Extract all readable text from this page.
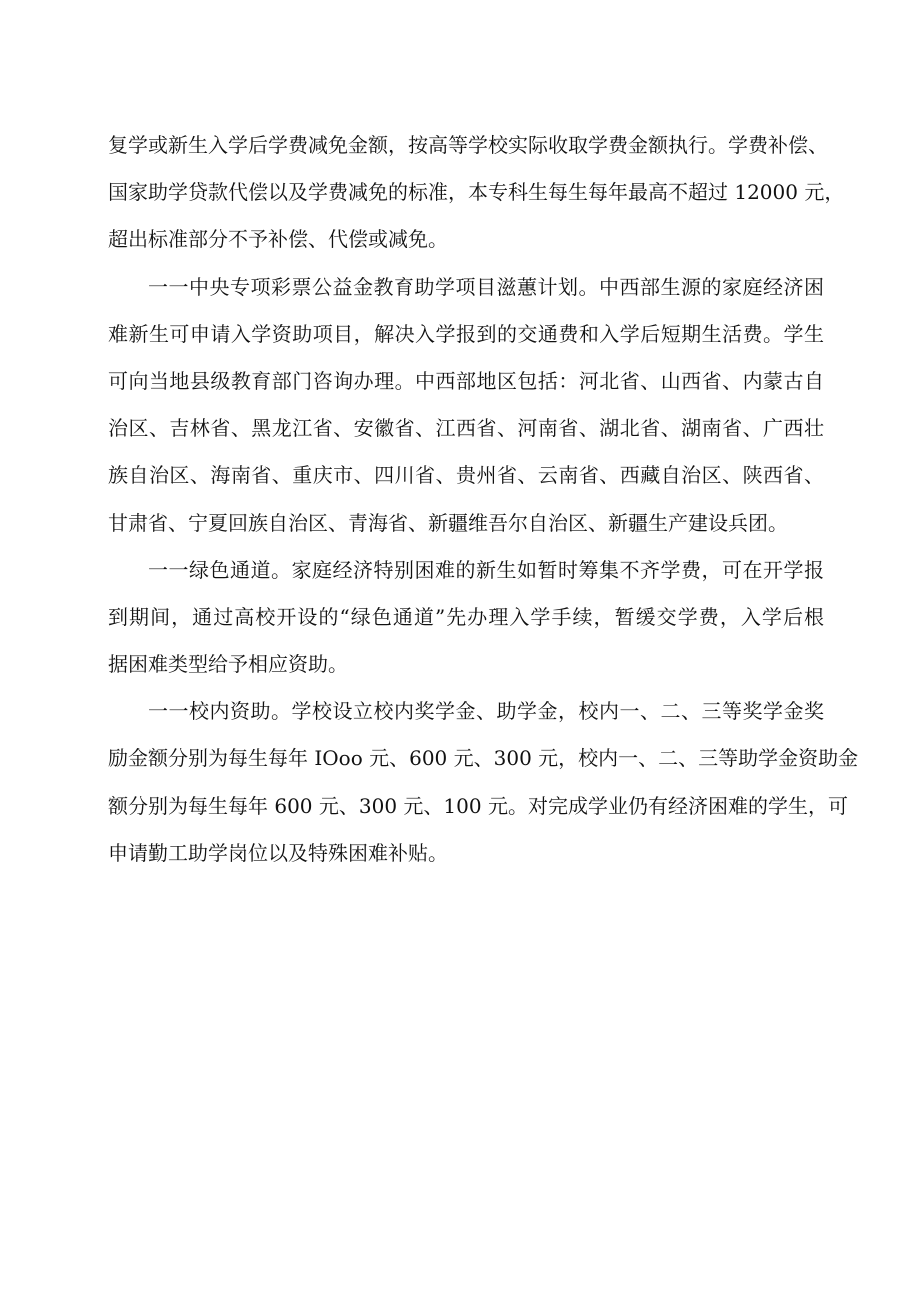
复学或新生入学后学费减免金额，按高等学校实际收取学费金额执行。学费补偿、
国家助学贷款代偿以及学费减免的标准，本专科生每生每年最高不超过 12000 元，
超出标准部分不予补偿、代偿或减免。
一一中央专项彩票公益金教育助学项目滋蕙计划。中西部生源的家庭经济困
难新生可申请入学资助项目，解决入学报到的交通费和入学后短期生活费。学生
可向当地县级教育部门咨询办理。中西部地区包括：河北省、山西省、内蒙古自
治区、吉林省、黑龙江省、安徽省、江西省、河南省、湖北省、湖南省、广西壮
族自治区、海南省、重庆市、四川省、贵州省、云南省、西藏自治区、陕西省、
甘肃省、宁夏回族自治区、青海省、新疆维吾尔自治区、新疆生产建设兵团。
一一绿色通道。家庭经济特别困难的新生如暂时筹集不齐学费，可在开学报
到期间，通过高校开设的“绿色通道”先办理入学手续，暂缓交学费，入学后根
据困难类型给予相应资助。
一一校内资助。学校设立校内奖学金、助学金，校内一、二、三等奖学金奖
励金额分别为每生每年 IOoo 元、600 元、300 元，校内一、二、三等助学金资助金
额分别为每生每年 600 元、300 元、100 元。对完成学业仍有经济困难的学生，可
申请勤工助学岗位以及特殊困难补贴。
